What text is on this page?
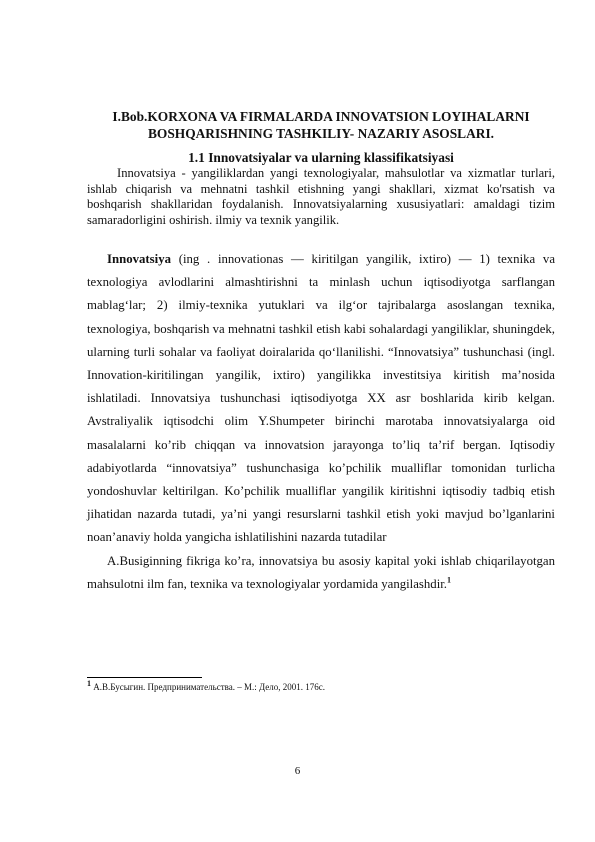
I.Bob.KORXONA VA FIRMALARDA INNOVATSION LOYIHALARNI BOSHQARISHNING TASHKILIY- NAZARIY ASOSLARI.
1.1 Innovatsiyalar va ularning klassifikatsiyasi

Innovatsiya - yangiliklardan yangi texnologiyalar, mahsulotlar va xizmatlar turlari, ishlab chiqarish va mehnatni tashkil etishning yangi shakllari, xizmat ko'rsatish va boshqarish shakllaridan foydalanish. Innovatsiyalarning xususiyatlari: amaldagi tizim samaradorligini oshirish. ilmiy va texnik yangilik.

Innovatsiya (ing . innovationas — kiritilgan yangilik, ixtiro) — 1) texnika va texnologiya avlodlarini almashtirishni ta minlash uchun iqtisodiyotga sarflangan mablag‘lar; 2) ilmiy-texnika yutuklari va ilg‘or tajribalarga asoslangan texnika, texnologiya, boshqarish va mehnatni tashkil etish kabi sohalardagi yangiliklar, shuningdek, ularning turli sohalar va faoliyat doiralarida qo‘llanilishi. “Innovatsiya” tushunchasi (ingl. Innovation-kiritilingan yangilik, ixtiro) yangilikka investitsiya kiritish ma’nosida ishlatiladi. Innovatsiya tushunchasi iqtisodiyotga XX asr boshlarida kirib kelgan. Avstraliyalik iqtisodchi olim Y.Shumpeter birinchi marotaba innovatsiyalarga oid masalalarni ko’rib chiqqan va innovatsion jarayonga to’liq ta’rif bergan. Iqtisodiy adabiyotlarda “innovatsiya” tushunchasiga ko’pchilik mualliflar tomonidan turlicha yondoshuvlar keltirilgan. Ko’pchilik mualliflar yangilik kiritishni iqtisodiy tadbiq etish jihatidan nazarda tutadi, ya’ni yangi resurslarni tashkil etish yoki mavjud bo’lganlarini noan’anaviy holda yangicha ishlatilishini nazarda tutadilar

A.Busiginning fikriga ko’ra, innovatsiya bu asosiy kapital yoki ishlab chiqarilayotgan mahsulotni ilm fan, texnika va texnologiyalar yordamida yangilashdir.$^1$

$^1$ А.В.Бусыгин. Предпринимательства. – М.: Дело, 2001. 176с.
6
